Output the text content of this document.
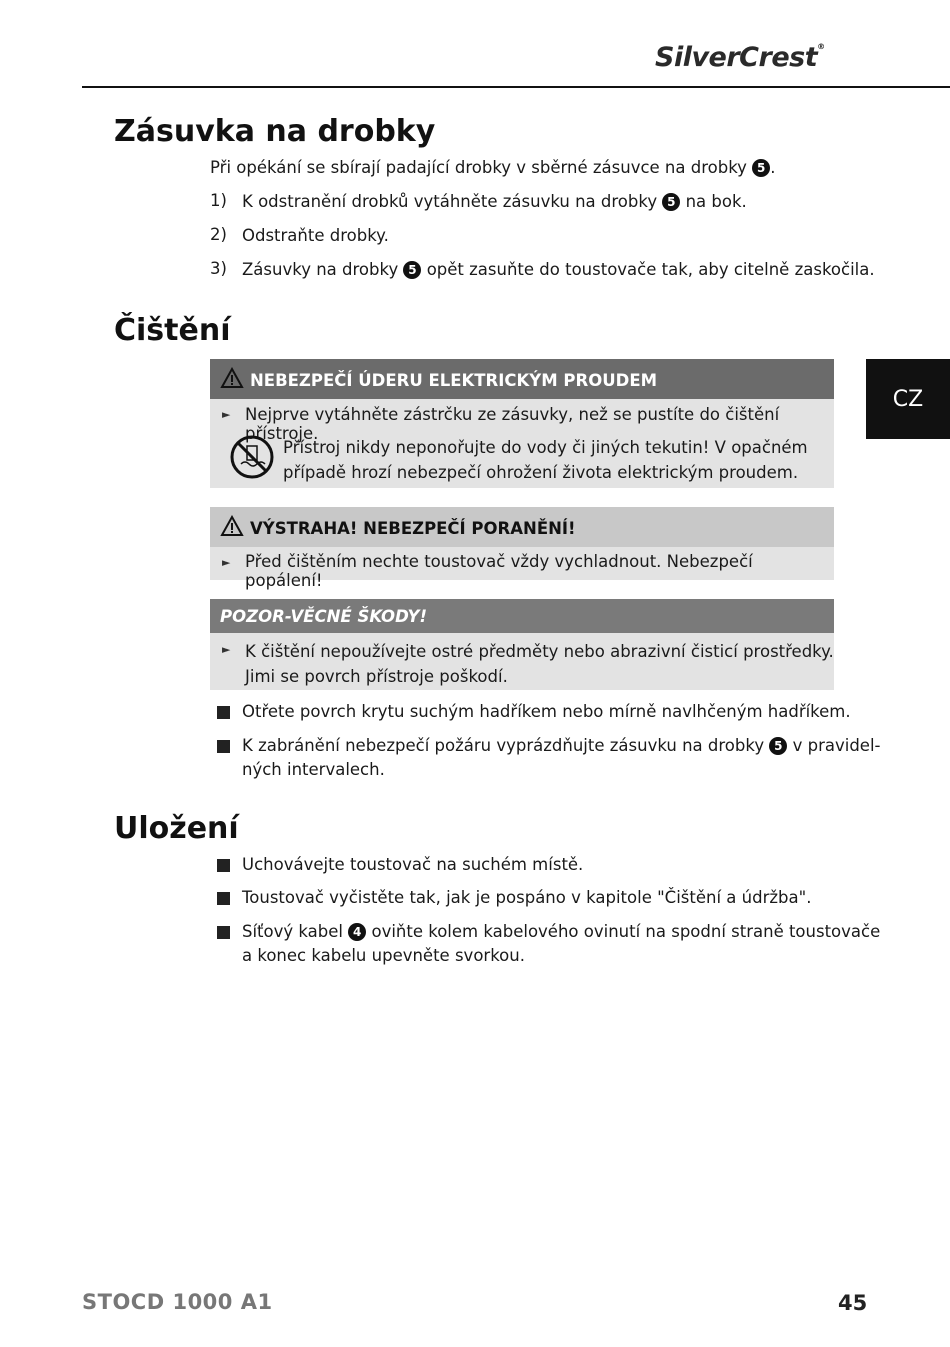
SilverCrest®
CZ
Zásuvka na drobky
Při opékání se sbírají padající drobky v sběrné zásuvce na drobky 5 .
1) K odstranění drobků vytáhněte zásuvku na drobky 5 na bok.
2) Odstraňte drobky.
3) Zásuvky na drobky 5 opět zasuňte do toustovače tak, aby citelně zaskočila.
Čištění
NEBEZPEČÍ ÚDERU ELEKTRICKÝM PROUDEM
► Nejprve vytáhněte zástrčku ze zásuvky, než se pustíte do čištění přístroje.
Přístroj nikdy neponořujte do vody či jiných tekutin! V opačném
případě hrozí nebezpečí ohrožení života elektrickým proudem.
VÝSTRAHA! NEBEZPEČÍ PORANĚNÍ!
► Před čištěním nechte toustovač vždy vychladnout. Nebezpečí popálení!
POZOR-VĚCNÉ ŠKODY!
► K čištění nepoužívejte ostré předměty nebo abrazivní čisticí prostředky.
Jimi se povrch přístroje poškodí.
Otřete povrch krytu suchým hadříkem nebo mírně navlhčeným hadříkem.
K zabránění nebezpečí požáru vyprázdňujte zásuvku na drobky 5 v pravidel-
ných intervalech.
Uložení
Uchovávejte toustovač na suchém místě.
Toustovač vyčistěte tak, jak je pospáno v kapitole "Čištění a údržba".
Síťový kabel 4 oviňte kolem kabelového ovinutí na spodní straně toustovače
a konec kabelu upevněte svorkou.
STOCD 1000 A1	45
